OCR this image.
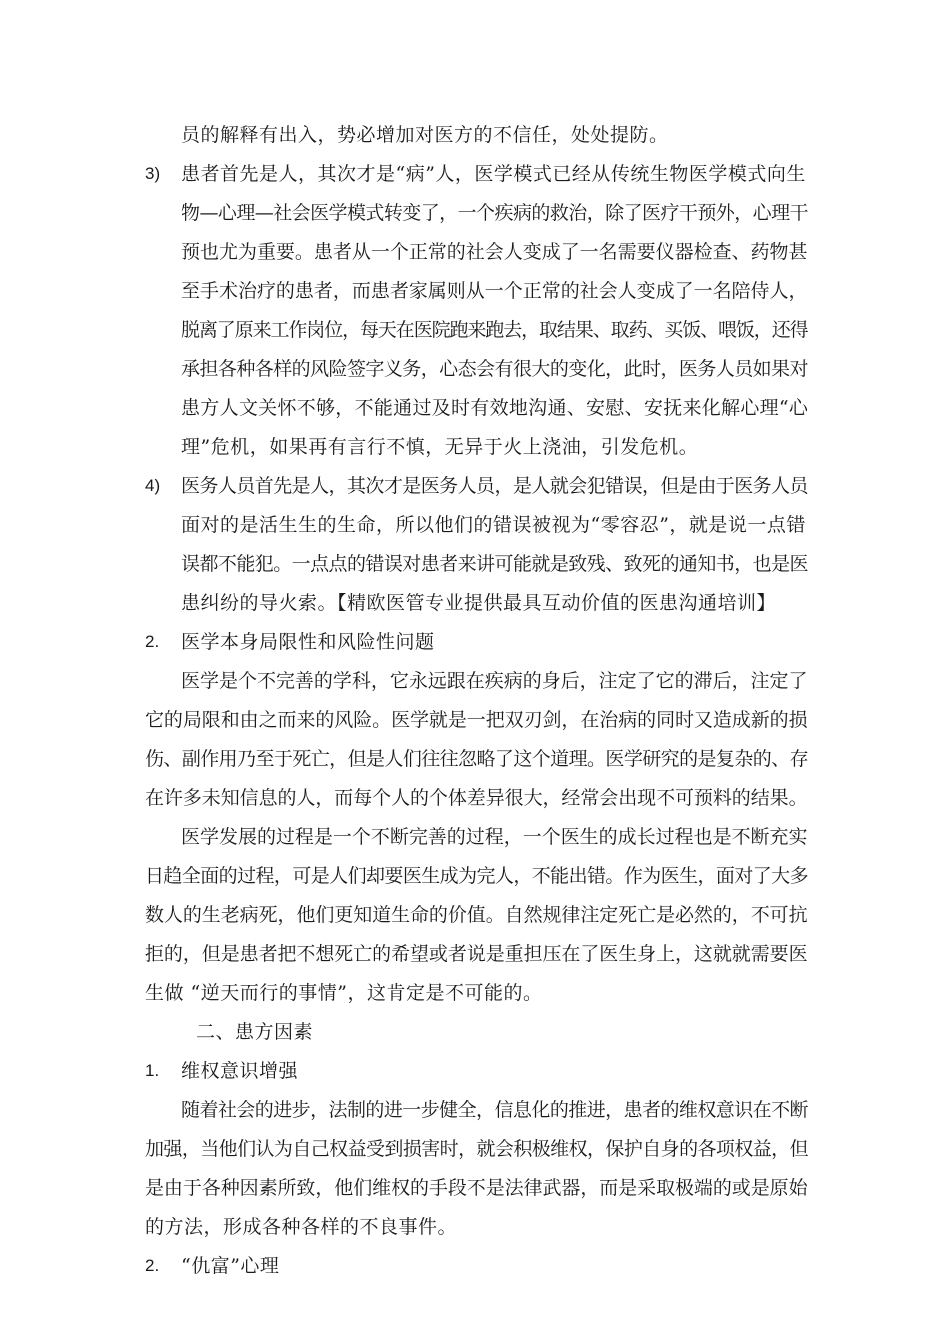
员的解释有出入，势必增加对医方的不信任，处处提防。
3) 患者首先是人，其次才是“病”人，医学模式已经从传统生物医学模式向生
物—心理—社会医学模式转变了，一个疾病的救治，除了医疗干预外，心理干
预也尤为重要。患者从一个正常的社会人变成了一名需要仪器检查、药物甚
至手术治疗的患者，而患者家属则从一个正常的社会人变成了一名陪侍人，
脱离了原来工作岗位，每天在医院跑来跑去，取结果、取药、买饭、喂饭，还得
承担各种各样的风险签字义务，心态会有很大的变化，此时，医务人员如果对
患方人文关怀不够，不能通过及时有效地沟通、安慰、安抚来化解心理“心
理”危机，如果再有言行不慎，无异于火上浇油，引发危机。
4) 医务人员首先是人，其次才是医务人员，是人就会犯错误，但是由于医务人员
面对的是活生生的生命，所以他们的错误被视为“零容忍”，就是说一点错
误都不能犯。一点点的错误对患者来讲可能就是致残、致死的通知书，也是医
患纠纷的导火索。【精欧医管专业提供最具互动价值的医患沟通培训】
2. 医学本身局限性和风险性问题
医学是个不完善的学科，它永远跟在疾病的身后，注定了它的滞后，注定了
它的局限和由之而来的风险。医学就是一把双刃剑，在治病的同时又造成新的损
伤、副作用乃至于死亡，但是人们往往忽略了这个道理。医学研究的是复杂的、存
在许多未知信息的人，而每个人的个体差异很大，经常会出现不可预料的结果。
医学发展的过程是一个不断完善的过程，一个医生的成长过程也是不断充实
日趋全面的过程，可是人们却要医生成为完人，不能出错。作为医生，面对了大多
数人的生老病死，他们更知道生命的价值。自然规律注定死亡是必然的，不可抗
拒的，但是患者把不想死亡的希望或者说是重担压在了医生身上，这就就需要医
生做 “逆天而行的事情”，这肯定是不可能的。
二、患方因素
1. 维权意识增强
随着社会的进步，法制的进一步健全，信息化的推进，患者的维权意识在不断
加强，当他们认为自己权益受到损害时，就会积极维权，保护自身的各项权益，但
是由于各种因素所致，他们维权的手段不是法律武器，而是采取极端的或是原始
的方法，形成各种各样的不良事件。
2. “仇富”心理
